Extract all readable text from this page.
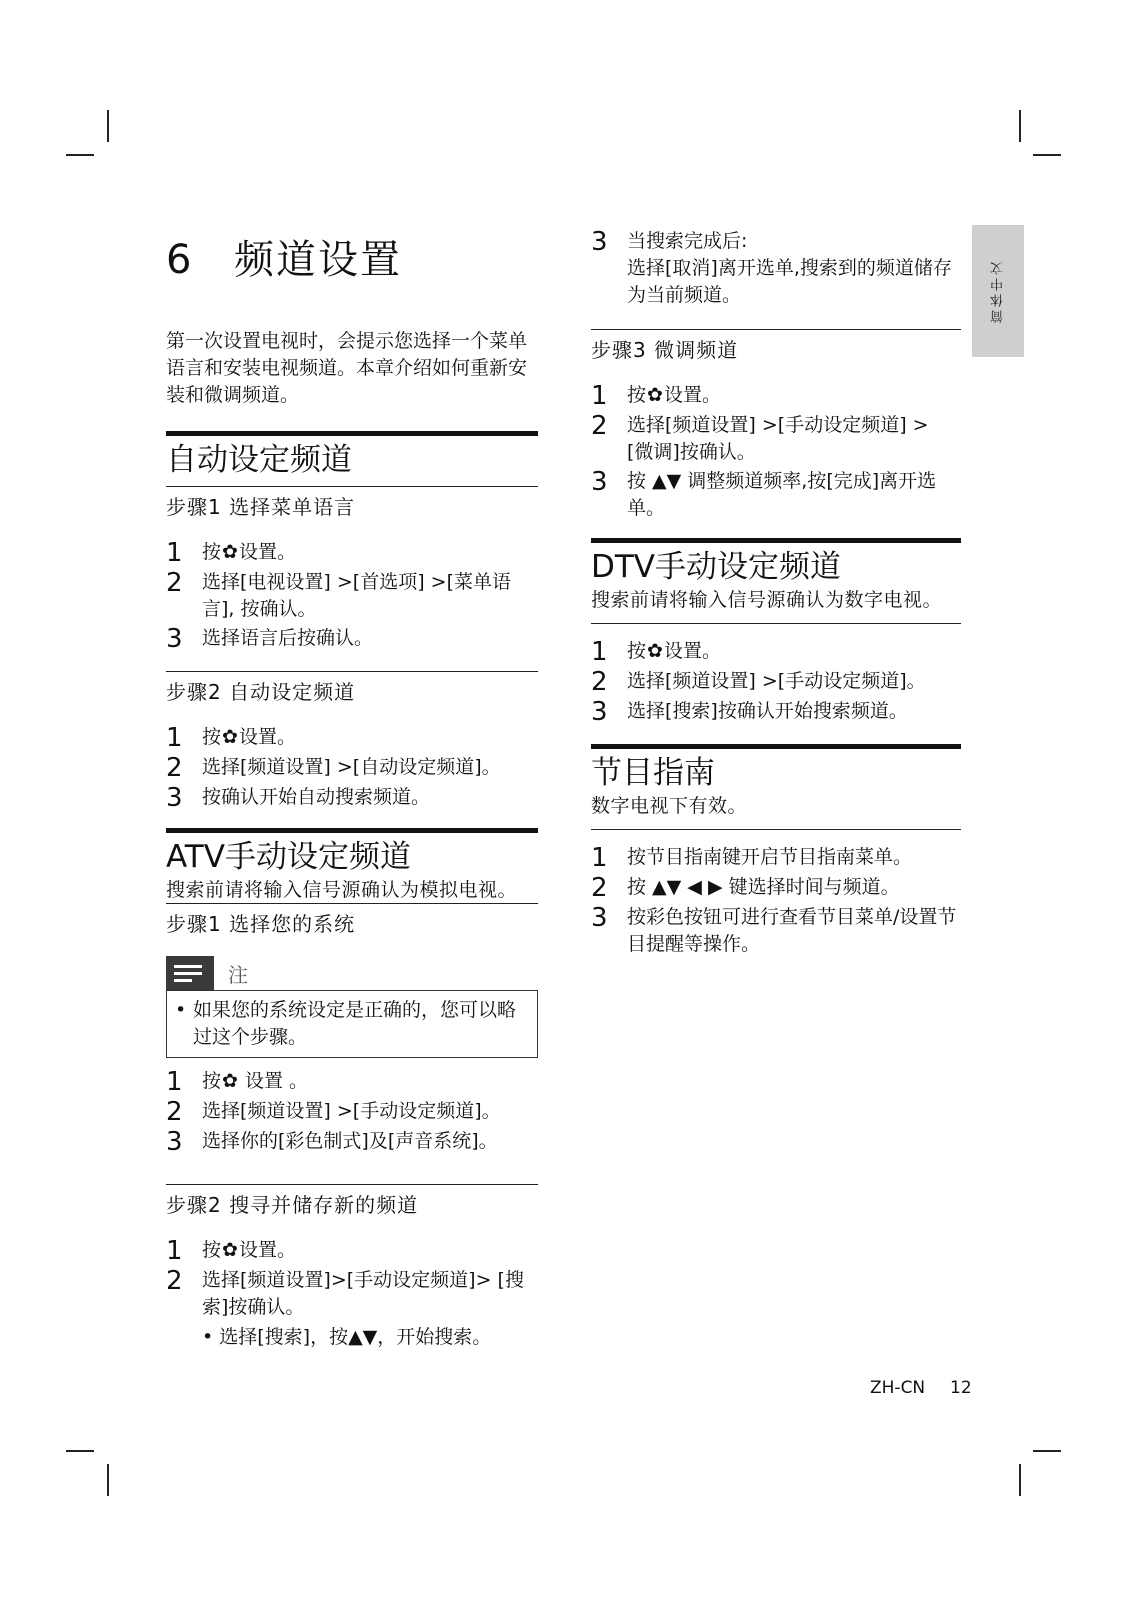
简体中文
6 频道设置
第一次设置电视时，会提示您选择一个菜单语言和安装电视频道。本章介绍如何重新安装和微调频道。
自动设定频道
步骤1 选择菜单语言
1	按✿设置。
2	选择[电视设置] >[首选项] >[菜单语言], 按确认。
3	选择语言后按确认。
步骤2 自动设定频道
1	按✿设置。
2	选择[频道设置] >[自动设定频道]。
3	按确认开始自动搜索频道。
ATV手动设定频道
搜索前请将输入信号源确认为模拟电视。
步骤1 选择您的系统
注
• 如果您的系统设定是正确的，您可以略过这个步骤。
1	按✿ 设置 。
2	选择[频道设置] >[手动设定频道]。
3	选择你的[彩色制式]及[声音系统]。
步骤2 搜寻并储存新的频道
1	按✿设置。
2	选择[频道设置]>[手动设定频道]> [搜索]按确认。
• 选择[搜索]，按▲▼，开始搜索。
3	当搜索完成后:
选择[取消]离开选单,搜索到的频道储存为当前频道。
步骤3 微调频道
1	按✿设置。
2	选择[频道设置] >[手动设定频道] > [微调]按确认。
3	按 ▲▼ 调整频道频率,按[完成]离开选单。
DTV手动设定频道
搜索前请将输入信号源确认为数字电视。
1	按✿设置。
2	选择[频道设置] >[手动设定频道]。
3	选择[搜索]按确认开始搜索频道。
节目指南
数字电视下有效。
1	按节目指南键开启节目指南菜单。
2	按 ▲▼ ◀ ▶ 键选择时间与频道。
3	按彩色按钮可进行查看节目菜单/设置节目提醒等操作。
ZH-CN 12
